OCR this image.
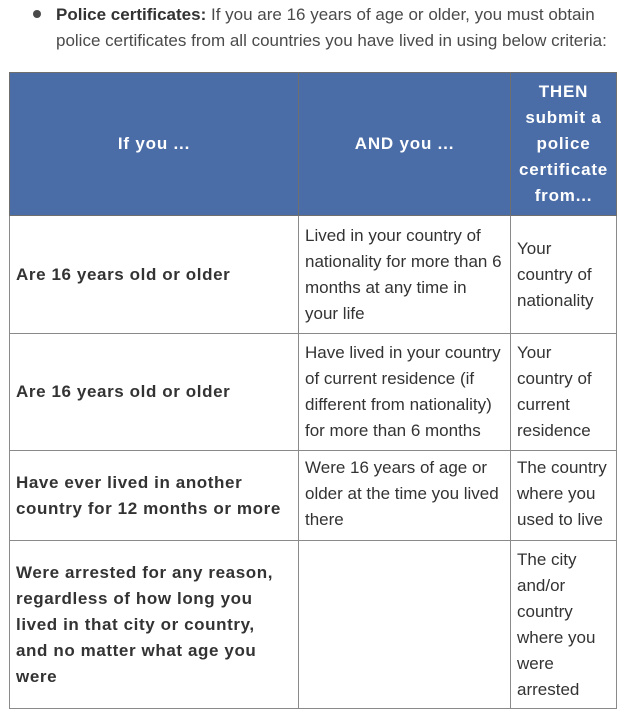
Police certificates: If you are 16 years of age or older, you must obtain police certificates from all countries you have lived in using below criteria:
If you ...	AND you ...	THEN submit a police certificate from...
Are 16 years old or older	Lived in your country of nationality for more than 6 months at any time in your life	Your country of nationality
Are 16 years old or older	Have lived in your country of current residence (if different from nationality) for more than 6 months	Your country of current residence
Have ever lived in another country for 12 months or more	Were 16 years of age or older at the time you lived there	The country where you used to live
Were arrested for any reason, regardless of how long you lived in that city or country, and no matter what age you were		The city and/or country where you were arrested
